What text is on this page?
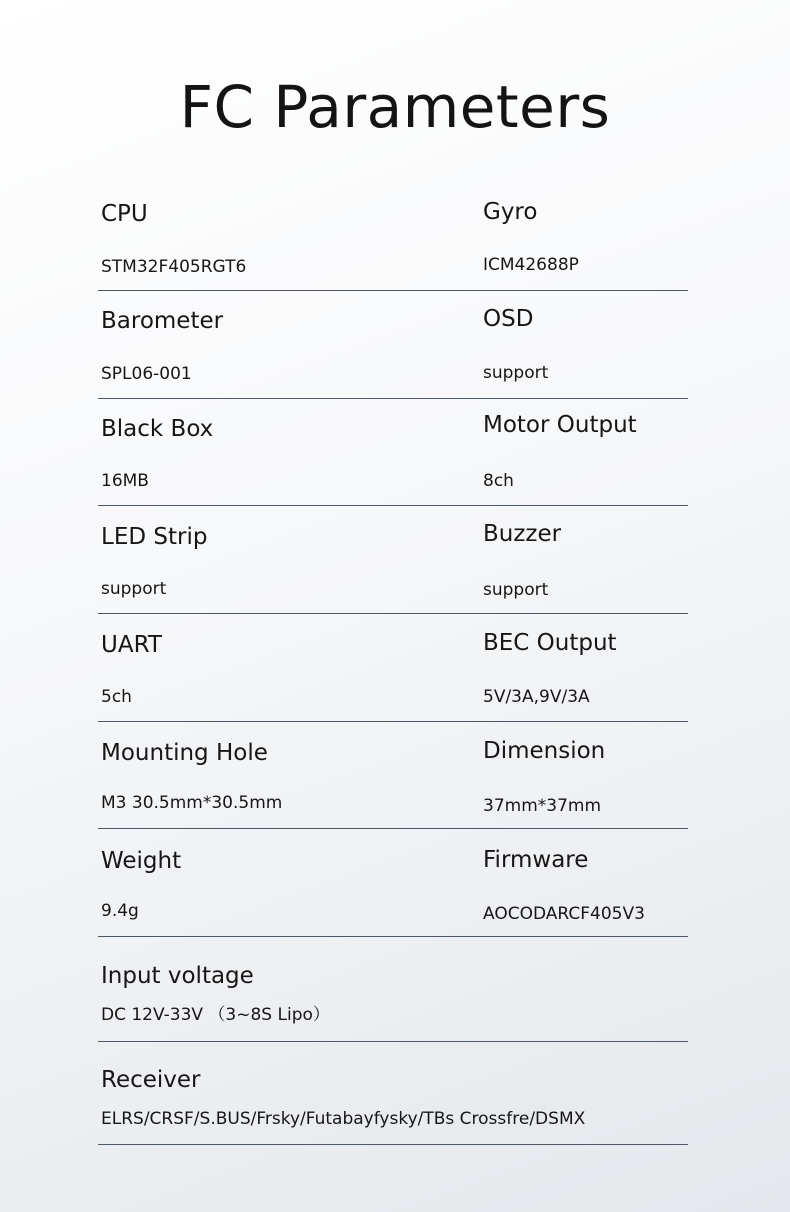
FC Parameters
CPU
STM32F405RGT6
Gyro
ICM42688P
Barometer
SPL06-001
OSD
support
Black Box
16MB
Motor Output
8ch
LED Strip
support
Buzzer
support
UART
5ch
BEC Output
5V/3A,9V/3A
Mounting Hole
M3 30.5mm*30.5mm
Dimension
37mm*37mm
Weight
9.4g
Firmware
AOCODARCF405V3
Input voltage
DC 12V-33V （3~8S Lipo）
Receiver
ELRS/CRSF/S.BUS/Frsky/Futabayfysky/TBs Crossfre/DSMX
